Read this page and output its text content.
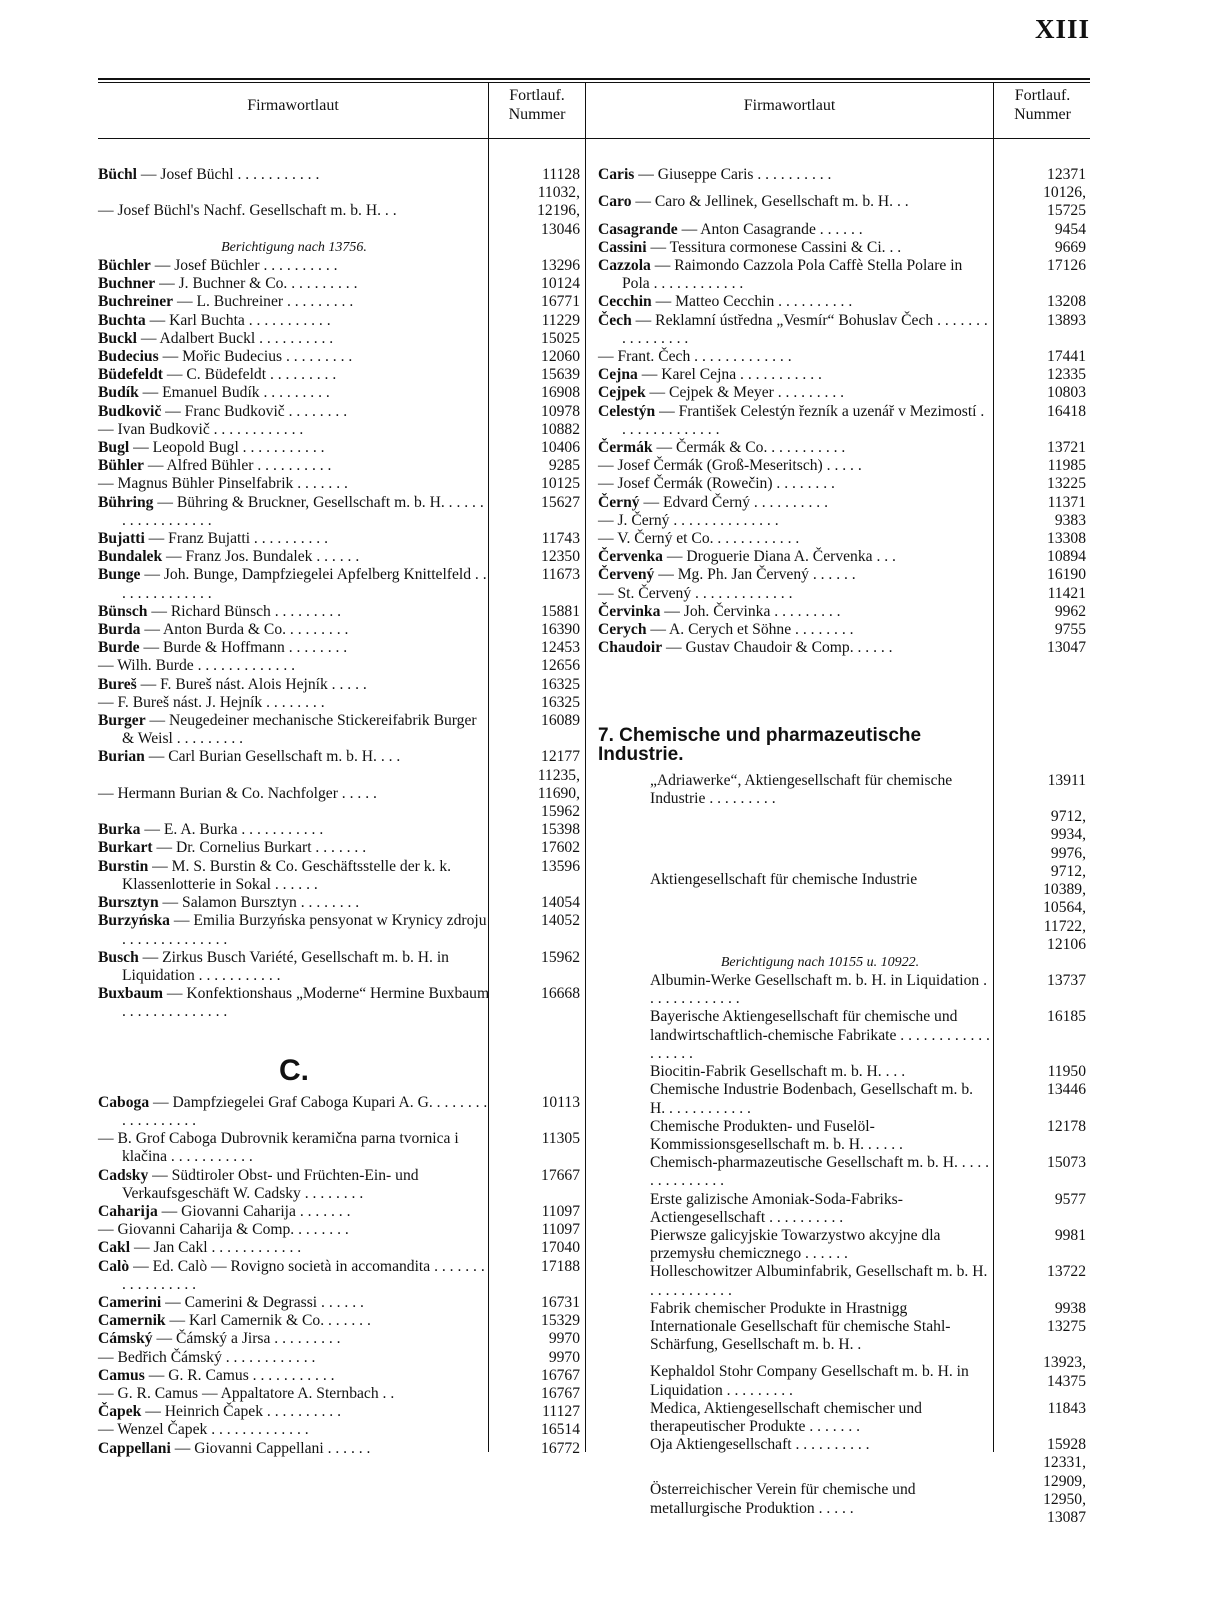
XIII
Firmawortlaut
Fortlauf.
Nummer
Firmawortlaut
Fortlauf.
Nummer
Büchl — Josef Büchl . . . . . . . . . . .	11128
— Josef Büchl's Nachf. Gesellschaft m. b. H. . .
11032,
12196,
13046
Berichtigung nach 13756.
Büchler — Josef Büchler . . . . . . . . . .	13296
Buchner — J. Buchner & Co. . . . . . . . . .	10124
Buchreiner — L. Buchreiner . . . . . . . . .	16771
Buchta — Karl Buchta . . . . . . . . . . .	11229
Buckl — Adalbert Buckl . . . . . . . . . .	15025
Budecius — Mořic Budecius . . . . . . . . .	12060
Büdefeldt — C. Büdefeldt . . . . . . . . .	15639
Budík — Emanuel Budík . . . . . . . . .	16908
Budkovič — Franc Budkovič . . . . . . . .	10978
— Ivan Budkovič . . . . . . . . . . . .	10882
Bugl — Leopold Bugl . . . . . . . . . . .	10406
Bühler — Alfred Bühler . . . . . . . . . .	9285
— Magnus Bühler Pinselfabrik . . . . . . .	10125
Bühring — Bühring & Bruckner, Gesellschaft m. b. H. . . . . . . . . . . . . . . . . .
15627
Bujatti — Franz Bujatti . . . . . . . . . .	11743
Bundalek — Franz Jos. Bundalek . . . . . .	12350
Bunge — Joh. Bunge, Dampfziegelei Apfelberg Knittelfeld . . . . . . . . . . . . . .
11673
Bünsch — Richard Bünsch . . . . . . . . .	15881
Burda — Anton Burda & Co. . . . . . . . .	16390
Burde — Burde & Hoffmann . . . . . . . .	12453
— Wilh. Burde . . . . . . . . . . . . .	12656
Bureš — F. Bureš nást. Alois Hejník . . . . .	16325
— F. Bureš nást. J. Hejník . . . . . . . .	16325
Burger — Neugedeiner mechanische Stickereifabrik Burger & Weisl . . . . . . . . .
16089
Burian — Carl Burian Gesellschaft m. b. H. . . .	12177
— Hermann Burian & Co. Nachfolger . . . . .
11235,
11690,
15962
Burka — E. A. Burka . . . . . . . . . . .	15398
Burkart — Dr. Cornelius Burkart . . . . . . .	17602
Burstin — M. S. Burstin & Co. Geschäftsstelle der k. k. Klassenlotterie in Sokal . . . . . .
13596
Bursztyn — Salamon Bursztyn . . . . . . . .	14054
Burzyńska — Emilia Burzyńska pensyonat w Krynicy zdroju . . . . . . . . . . . . . .
14052
Busch — Zirkus Busch Variété, Gesellschaft m. b. H. in Liquidation . . . . . . . . . . .
15962
Buxbaum — Konfektionshaus „Moderne“ Hermine Buxbaum . . . . . . . . . . . . . .
16668
C.
Caboga — Dampfziegelei Graf Caboga Kupari A. G. . . . . . . . . . . . . . . . . .
10113
— B. Grof Caboga Dubrovnik keramična parna tvornica i klačina . . . . . . . . . . .
11305
Cadsky — Südtiroler Obst- und Früchten-Ein- und Verkaufsgeschäft W. Cadsky . . . . . . . .
17667
Caharija — Giovanni Caharija . . . . . . .	11097
— Giovanni Caharija & Comp. . . . . . . .	11097
Cakl — Jan Cakl . . . . . . . . . . . .	17040
Calò — Ed. Calò — Rovigno società in accomandita . . . . . . . . . . . . . . . . .
17188
Camerini — Camerini & Degrassi . . . . . .	16731
Camernik — Karl Camernik & Co. . . . . . .	15329
Cámský — Čámský a Jirsa . . . . . . . . .	9970
— Bedřich Čámský . . . . . . . . . . . .	9970
Camus — G. R. Camus . . . . . . . . . . .	16767
— G. R. Camus — Appaltatore A. Sternbach . .	16767
Čapek — Heinrich Čapek . . . . . . . . . .	11127
— Wenzel Čapek . . . . . . . . . . . . .	16514
Cappellani — Giovanni Cappellani . . . . . .	16772
Caris — Giuseppe Caris . . . . . . . . . .	12371
Caro — Caro & Jellinek, Gesellschaft m. b. H. . .
10126,
15725
Casagrande — Anton Casagrande . . . . . .	9454
Cassini — Tessitura cormonese Cassini & Ci. . .	9669
Cazzola — Raimondo Cazzola Pola Caffè Stella Polare in Pola . . . . . . . . . . . .
17126
Cecchin — Matteo Cecchin . . . . . . . . . .	13208
Čech — Reklamní ústředna „Vesmír“ Bohuslav Čech . . . . . . . . . . . . . . . .
13893
— Frant. Čech . . . . . . . . . . . . .	17441
Cejna — Karel Cejna . . . . . . . . . . .	12335
Cejpek — Cejpek & Meyer . . . . . . . . .	10803
Celestýn — František Celestýn řezník a uzenář v Mezimostí . . . . . . . . . . . . . .
16418
Čermák — Čermák & Co. . . . . . . . . . .	13721
— Josef Čermák (Groß-Meseritsch) . . . . .	11985
— Josef Čermák (Rowečin) . . . . . . . .	13225
Černý — Edvard Černý . . . . . . . . . .	11371
— J. Černý . . . . . . . . . . . . . .	9383
— V. Černý et Co. . . . . . . . . . . .	13308
Červenka — Droguerie Diana A. Červenka . . .	10894
Červený — Mg. Ph. Jan Červený . . . . . .	16190
— St. Červený . . . . . . . . . . . . .	11421
Červinka — Joh. Červinka . . . . . . . . .	9962
Cerych — A. Cerych et Söhne . . . . . . . .	9755
Chaudoir — Gustav Chaudoir & Comp. . . . . .	13047
7. Chemische und pharmazeutische Industrie.
„Adriawerke“, Aktiengesellschaft für chemische Industrie . . . . . . . . .
13911
Aktiengesellschaft für chemische Industrie
9712,
9934,
9976,
9712,
10389,
10564,
11722,
12106
Berichtigung nach 10155 u. 10922.
Albumin-Werke Gesellschaft m. b. H. in Liquidation . . . . . . . . . . . . .
13737
Bayerische Aktiengesellschaft für chemische und landwirtschaftlich-chemische Fabrikate . . . . . . . . . . . . . . . . . .
16185
Biocitin-Fabrik Gesellschaft m. b. H. . . .	11950
Chemische Industrie Bodenbach, Gesellschaft m. b. H. . . . . . . . . . . .
13446
Chemische Produkten- und Fuselöl-Kommissionsgesellschaft m. b. H. . . . . .
12178
Chemisch-pharmazeutische Gesellschaft m. b. H. . . . . . . . . . . . . . .
15073
Erste galizische Amoniak-Soda-Fabriks-Actiengesellschaft . . . . . . . . . .
9577
Pierwsze galicyjskie Towarzystwo akcyjne dla przemysłu chemicznego . . . . . .
9981
Holleschowitzer Albuminfabrik, Gesellschaft m. b. H. . . . . . . . . . . .
13722
Fabrik chemischer Produkte in Hrastnigg	9938
Internationale Gesellschaft für chemische Stahl-Schärfung, Gesellschaft m. b. H. .
13275
Kephaldol Stohr Company Gesellschaft m. b. H. in Liquidation . . . . . . . . .
13923,
14375
Medica, Aktiengesellschaft chemischer und therapeutischer Produkte . . . . . . .
11843
Oja Aktiengesellschaft . . . . . . . . . .	15928
Österreichischer Verein für chemische und metallurgische Produktion . . . . .
12331,
12909,
12950,
13087
